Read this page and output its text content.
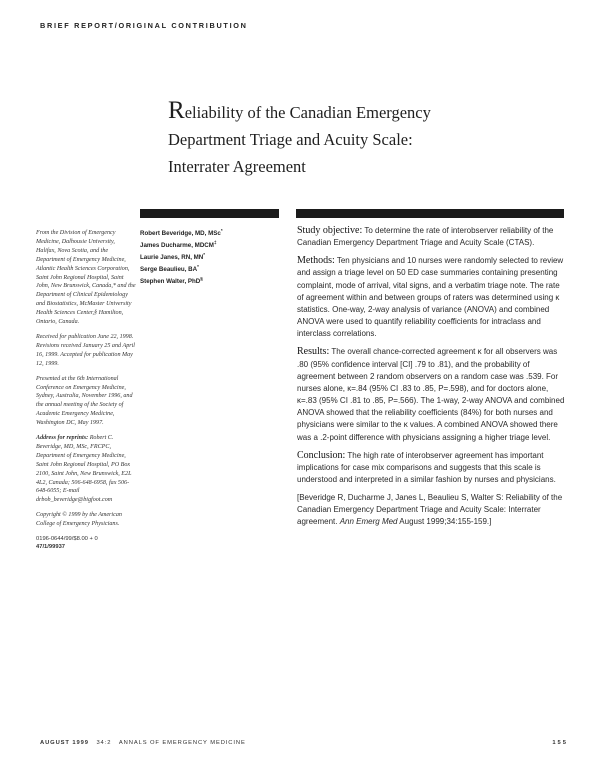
BRIEF REPORT/ORIGINAL CONTRIBUTION
Reliability of the Canadian Emergency
Department Triage and Acuity Scale:
Interrater Agreement

From the Division of Emergency Medicine, Dalhousie University, Halifax, Nova Scotia, and the Department of Emergency Medicine, Atlantic Health Sciences Corporation, Saint John Regional Hospital, Saint John, New Brunswick, Canada,* and the Department of Clinical Epidemiology and Biostatistics, McMaster University Health Sciences Center,§ Hamilton, Ontario, Canada.

Received for publication June 22, 1998. Revisions received January 25 and April 16, 1999. Accepted for publication May 12, 1999.

Presented at the 6th International Conference on Emergency Medicine, Sydney, Australia, November 1996, and the annual meeting of the Society of Academic Emergency Medicine, Washington DC, May 1997.

Address for reprints: Robert C. Beveridge, MD, MSc, FRCPC, Department of Emergency Medicine, Saint John Regional Hospital, PO Box 2100, Saint John, New Brunswick, E2L 4L2, Canada; 506-648-6958, fax 506-648-6055; E-mail drbob_beveridge@bigfoot.com

Copyright © 1999 by the American College of Emergency Physicians.

0196-0644/99/$8.00 + 0
47/1/99937
Robert Beveridge, MD, MSc*
James Ducharme, MDCM‡
Laurie Janes, RN, MN*
Serge Beaulieu, BA*
Stephen Walter, PhD§

Study objective: To determine the rate of interobserver reliability of the Canadian Emergency Department Triage and Acuity Scale (CTAS).

Methods: Ten physicians and 10 nurses were randomly selected to review and assign a triage level on 50 ED case summaries containing presenting complaint, mode of arrival, vital signs, and a verbatim triage note. The rate of agreement within and between groups of raters was determined using κ statistics. One-way, 2-way analysis of variance (ANOVA) and combined ANOVA were used to quantify reliability coefficients for intraclass and interclass correlations.

Results: The overall chance-corrected agreement κ for all observers was .80 (95% confidence interval [CI] .79 to .81), and the probability of agreement between 2 random observers on a random case was .539. For nurses alone, κ=.84 (95% CI .83 to .85, P=.598), and for doctors alone, κ=.83 (95% CI .81 to .85, P=.566). The 1-way, 2-way ANOVA and combined ANOVA showed that the reliability coefficients (84%) for both nurses and physicians were similar to the κ values. A combined ANOVA showed there was a .2-point difference with physicians assigning a higher triage level.

Conclusion: The high rate of interobserver agreement has important implications for case mix comparisons and suggests that this scale is understood and interpreted in a similar fashion by nurses and physicians.

[Beveridge R, Ducharme J, Janes L, Beaulieu S, Walter S: Reliability of the Canadian Emergency Department Triage and Acuity Scale: Interrater agreement. Ann Emerg Med August 1999;34:155-159.]

AUGUST 1999 34:2 ANNALS OF EMERGENCY MEDICINE	155
